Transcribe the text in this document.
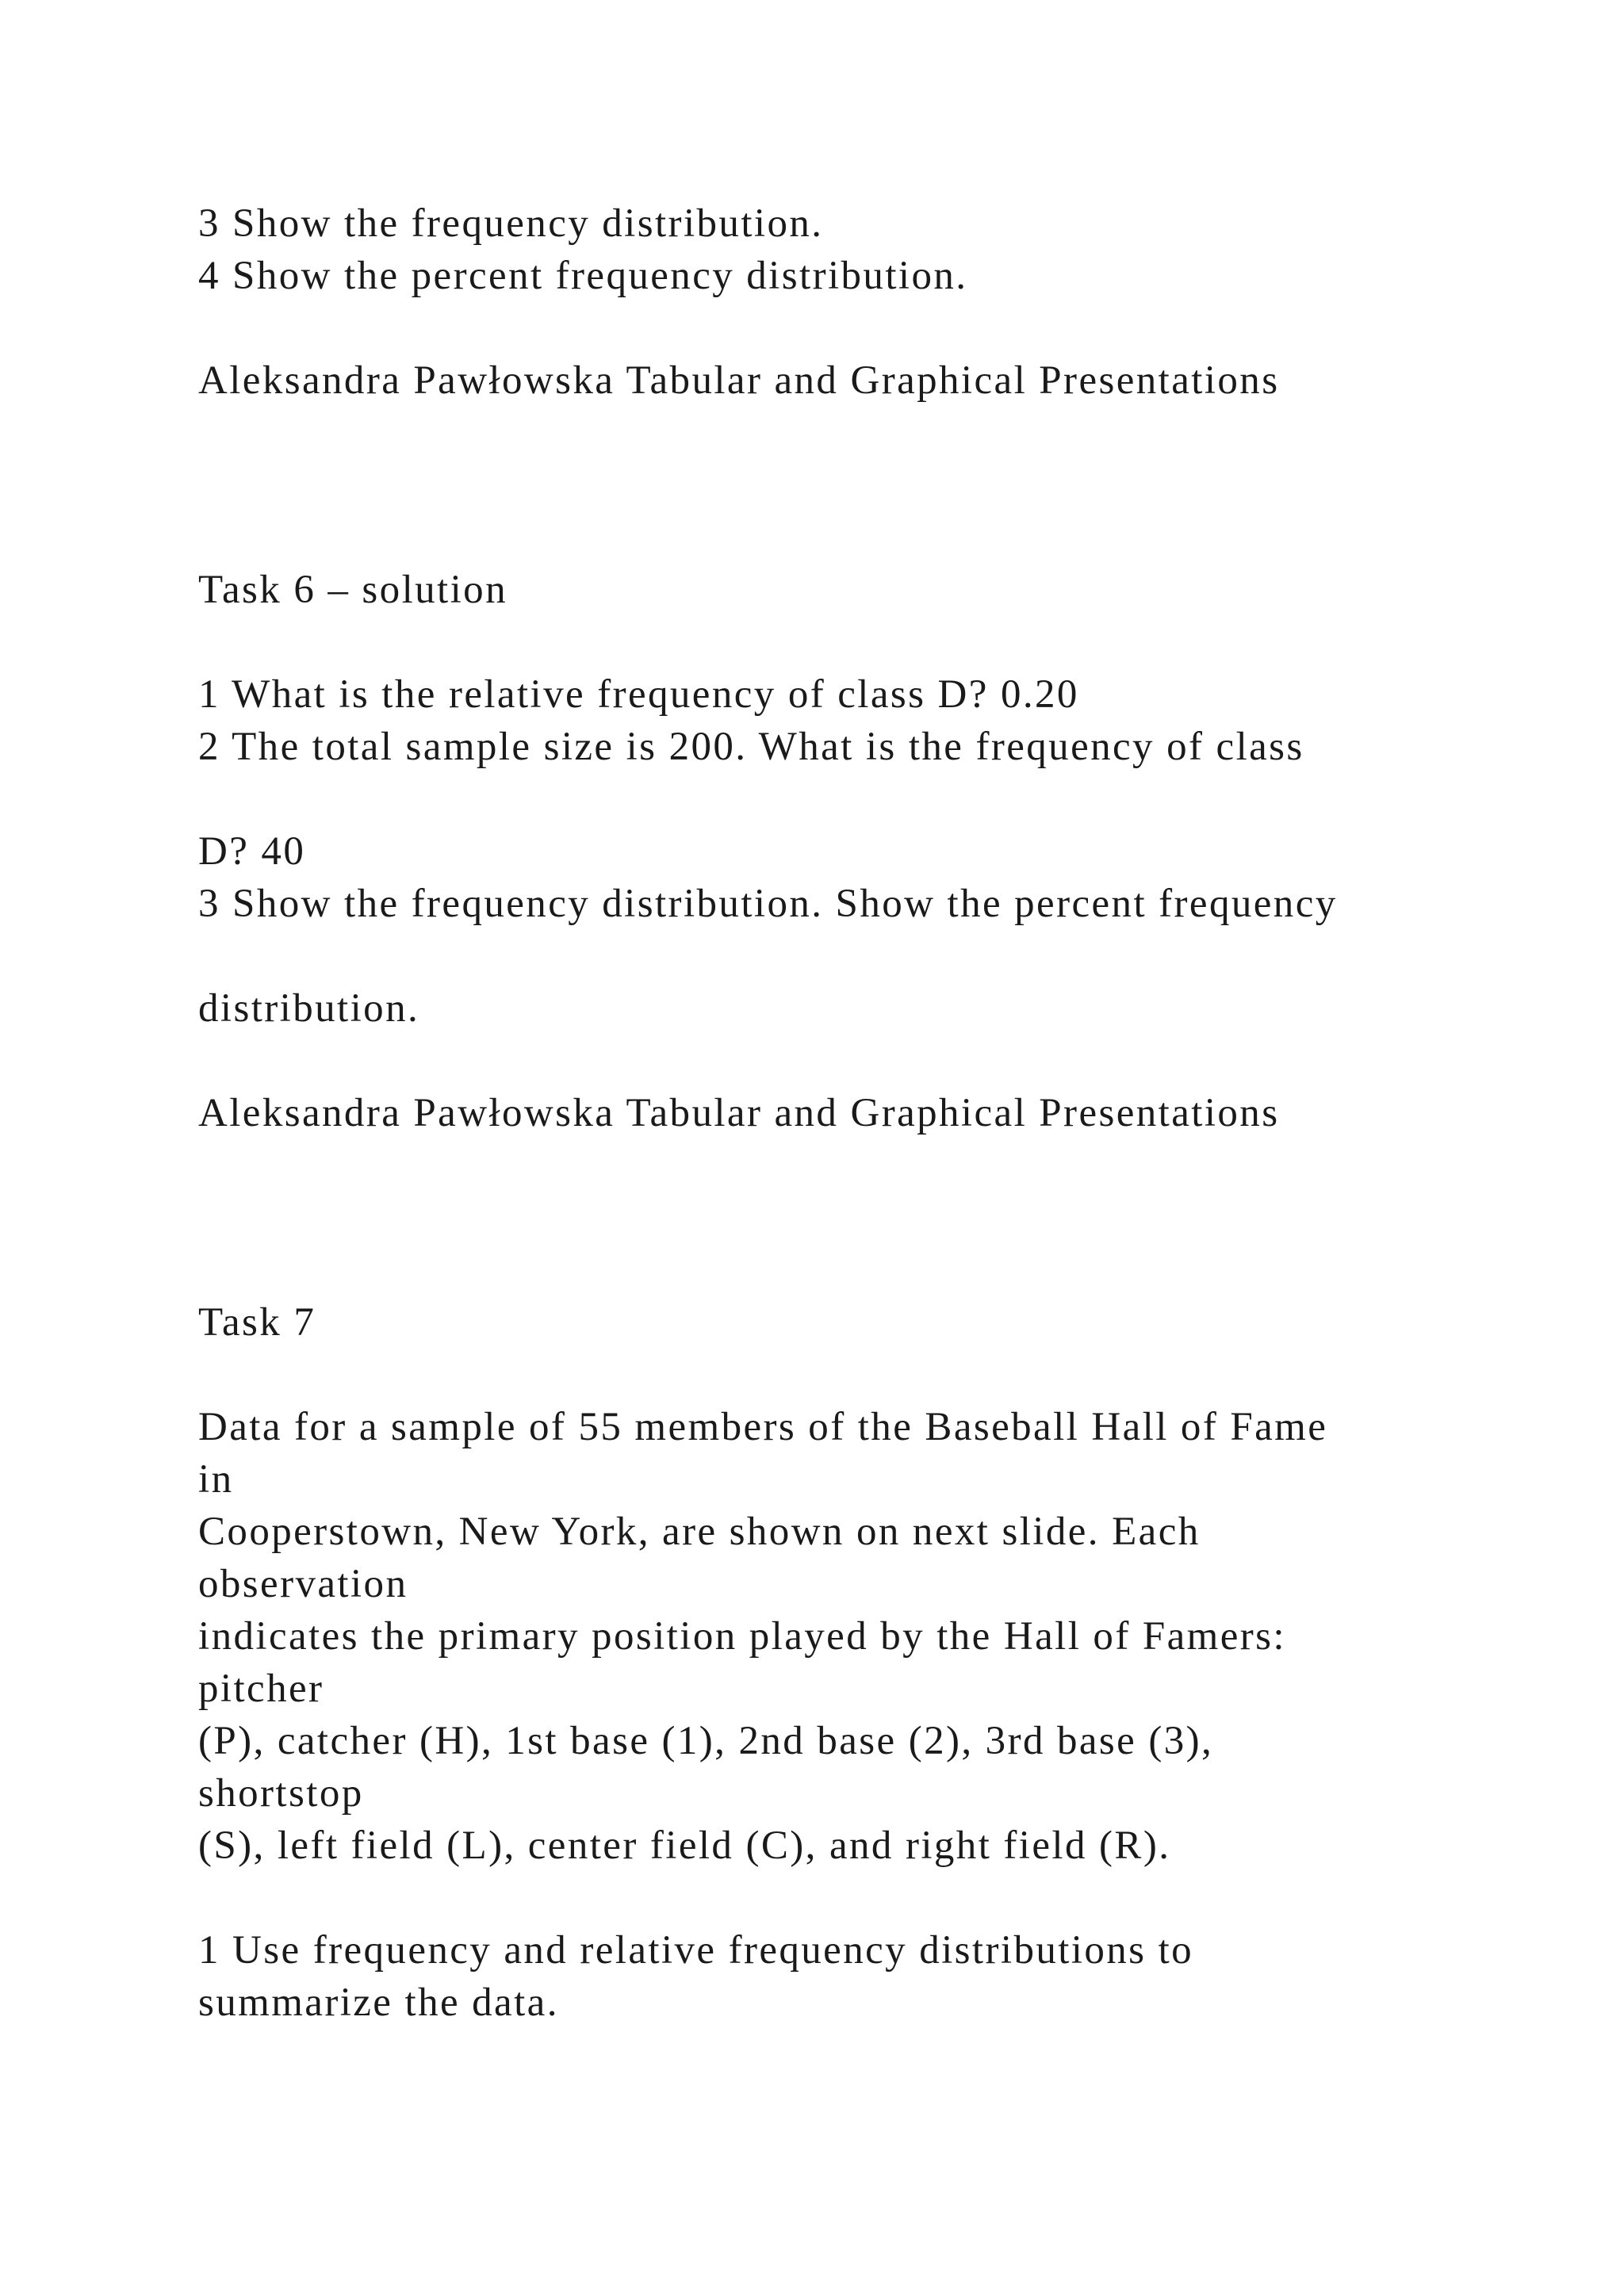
3 Show the frequency distribution.
4 Show the percent frequency distribution.
Aleksandra Pawłowska Tabular and Graphical Presentations
Task 6 – solution
1 What is the relative frequency of class D? 0.20
2 The total sample size is 200. What is the frequency of class
D? 40
3 Show the frequency distribution. Show the percent frequency
distribution.
Aleksandra Pawłowska Tabular and Graphical Presentations
Task 7
Data for a sample of 55 members of the Baseball Hall of Fame
in
Cooperstown, New York, are shown on next slide. Each
observation
indicates the primary position played by the Hall of Famers:
pitcher
(P), catcher (H), 1st base (1), 2nd base (2), 3rd base (3),
shortstop
(S), left field (L), center field (C), and right field (R).
1 Use frequency and relative frequency distributions to
summarize the data.
